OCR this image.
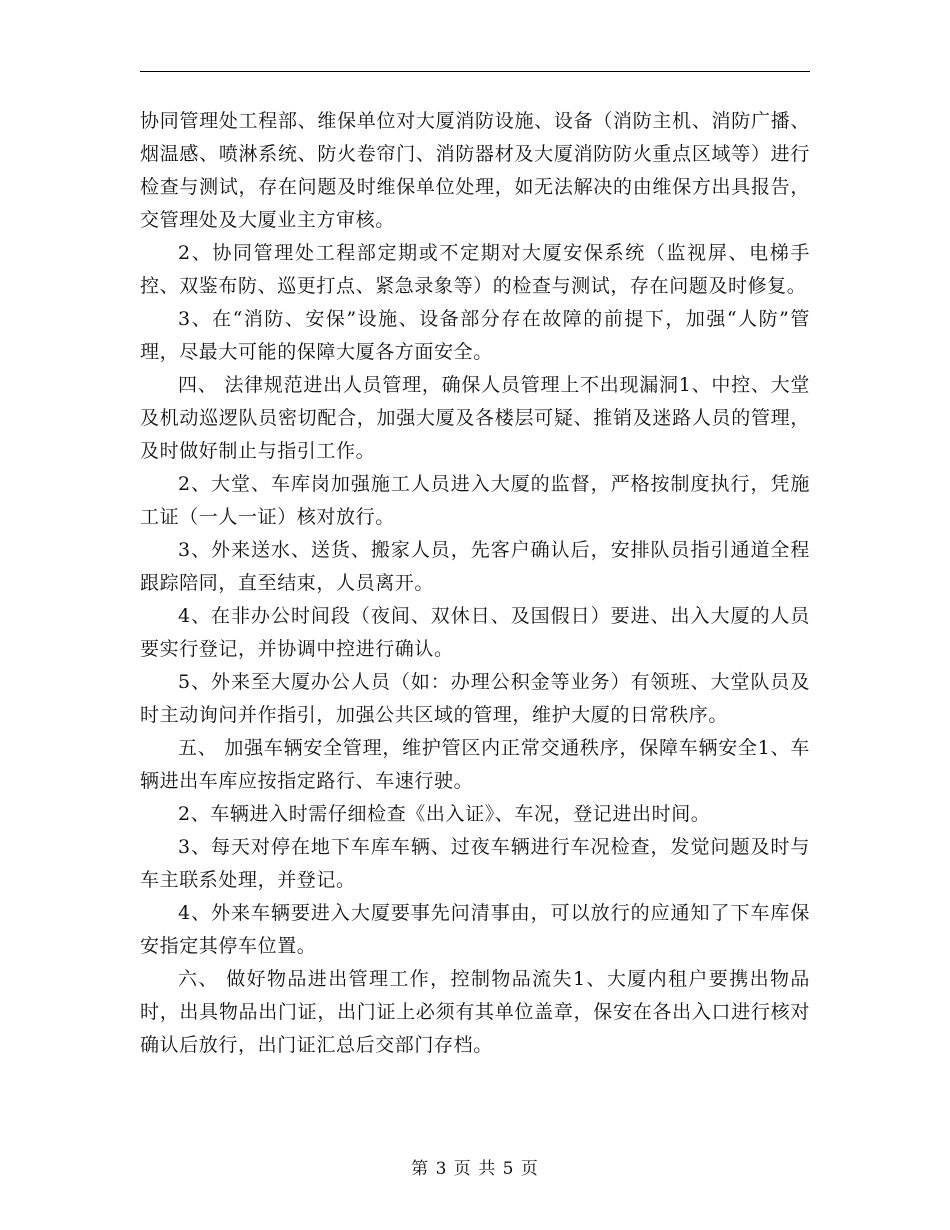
协同管理处工程部、维保单位对大厦消防设施、设备（消防主机、消防广播、烟温感、喷淋系统、防火卷帘门、消防器材及大厦消防防火重点区域等）进行检查与测试，存在问题及时维保单位处理，如无法解决的由维保方出具报告，交管理处及大厦业主方审核。

2、协同管理处工程部定期或不定期对大厦安保系统（监视屏、电梯手控、双鉴布防、巡更打点、紧急录象等）的检查与测试，存在问题及时修复。

3、在“消防、安保”设施、设备部分存在故障的前提下，加强“人防”管理，尽最大可能的保障大厦各方面安全。

四、 法律规范进出人员管理，确保人员管理上不出现漏洞1、中控、大堂及机动巡逻队员密切配合，加强大厦及各楼层可疑、推销及迷路人员的管理，及时做好制止与指引工作。

2、大堂、车库岗加强施工人员进入大厦的监督，严格按制度执行，凭施工证（一人一证）核对放行。

3、外来送水、送货、搬家人员，先客户确认后，安排队员指引通道全程跟踪陪同，直至结束，人员离开。

4、在非办公时间段（夜间、双休日、及国假日）要进、出入大厦的人员要实行登记，并协调中控进行确认。

5、外来至大厦办公人员（如：办理公积金等业务）有领班、大堂队员及时主动询问并作指引，加强公共区域的管理，维护大厦的日常秩序。

五、 加强车辆安全管理，维护管区内正常交通秩序，保障车辆安全1、车辆进出车库应按指定路行、车速行驶。

2、车辆进入时需仔细检查《出入证》、车况，登记进出时间。

3、每天对停在地下车库车辆、过夜车辆进行车况检查，发觉问题及时与车主联系处理，并登记。

4、外来车辆要进入大厦要事先问清事由，可以放行的应通知了下车库保安指定其停车位置。

六、 做好物品进出管理工作，控制物品流失1、大厦内租户要携出物品时，出具物品出门证，出门证上必须有其单位盖章，保安在各出入口进行核对确认后放行，出门证汇总后交部门存档。

第 3 页 共 5 页
